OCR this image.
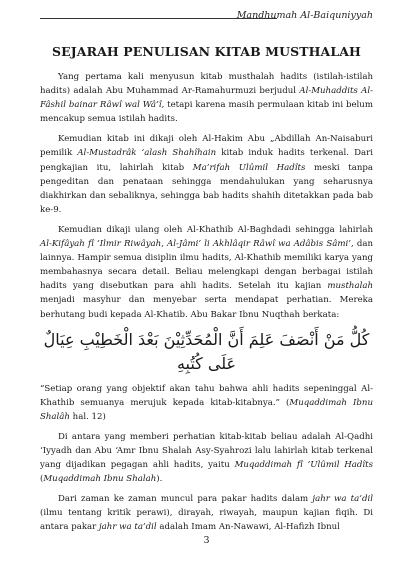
Mandhumah Al-Baiquniyyah
SEJARAH PENULISAN KITAB MUSTHALAH

Yang pertama kali menyusun kitab musthalah hadits (istilah-istilah hadits) adalah Abu Muhammad Ar-Ramahurmuzi berjudul Al-Muhaddits Al-Fâshil bainar Râwî wal Wâ’î, tetapi karena masih permulaan kitab ini belum mencakup semua istilah hadits.

Kemudian kitab ini dikaji oleh Al-Hakim Abu „Abdillah An-Naisaburi pemilik Al-Mustadrâk ‘alash Shahîhain kitab induk hadits terkenal. Dari pengkajian itu, lahirlah kitab Ma’rifah Ulûmil Hadîts meski tanpa pengeditan dan penataan sehingga mendahulukan yang seharusnya diakhirkan dan sebaliknya, sehingga bab hadits shahih ditetakkan pada bab ke-9.

Kemudian dikaji ulang oleh Al-Khathib Al-Baghdadi sehingga lahirlah Al-Kifâyah fî ‘Ilmir Riwâyah, Al-Jâmi’ li Akhlâqir Râwî wa Adâbis Sâmi’, dan lainnya. Hampir semua disiplin ilmu hadits, Al-Khathib memiliki karya yang membahasnya secara detail. Beliau melengkapi dengan berbagai istilah hadits yang disebutkan para ahli hadits. Setelah itu kajian musthalah menjadi masyhur dan menyebar serta mendapat perhatian. Mereka berhutang budi kepada Al-Khatib. Abu Bakar Ibnu Nuqthah berkata:

كُلُّ مَنْ أَنْصَفَ عَلِمَ أَنَّ الْمُحَدِّثِيْنَ بَعْدَ الْخَطِيْبِ عِيَالٌ عَلَى كُتُبِهِ

“Setiap orang yang objektif akan tahu bahwa ahli hadits sepeninggal Al-Khathib semuanya merujuk kepada kitab-kitabnya.” (Muqaddimah Ibnu Shalâh hal. 12)

Di antara yang memberi perhatian kitab-kitab beliau adalah Al-Qadhi ‘Iyyadh dan Abu ‘Amr Ibnu Shalah Asy-Syahrozi lalu lahirlah kitab terkenal yang dijadikan pegagan ahli hadits, yaitu Muqaddimah fî ‘Ulûmil Hadîts (Muqaddimah Ibnu Shalah).

Dari zaman ke zaman muncul para pakar hadits dalam jahr wa ta’dil (ilmu tentang kritik perawi), dirayah, riwayah, maupun kajian fiqih. Di antara pakar jahr wa ta’dil adalah Imam An-Nawawi, Al-Hafizh Ibnul

3
